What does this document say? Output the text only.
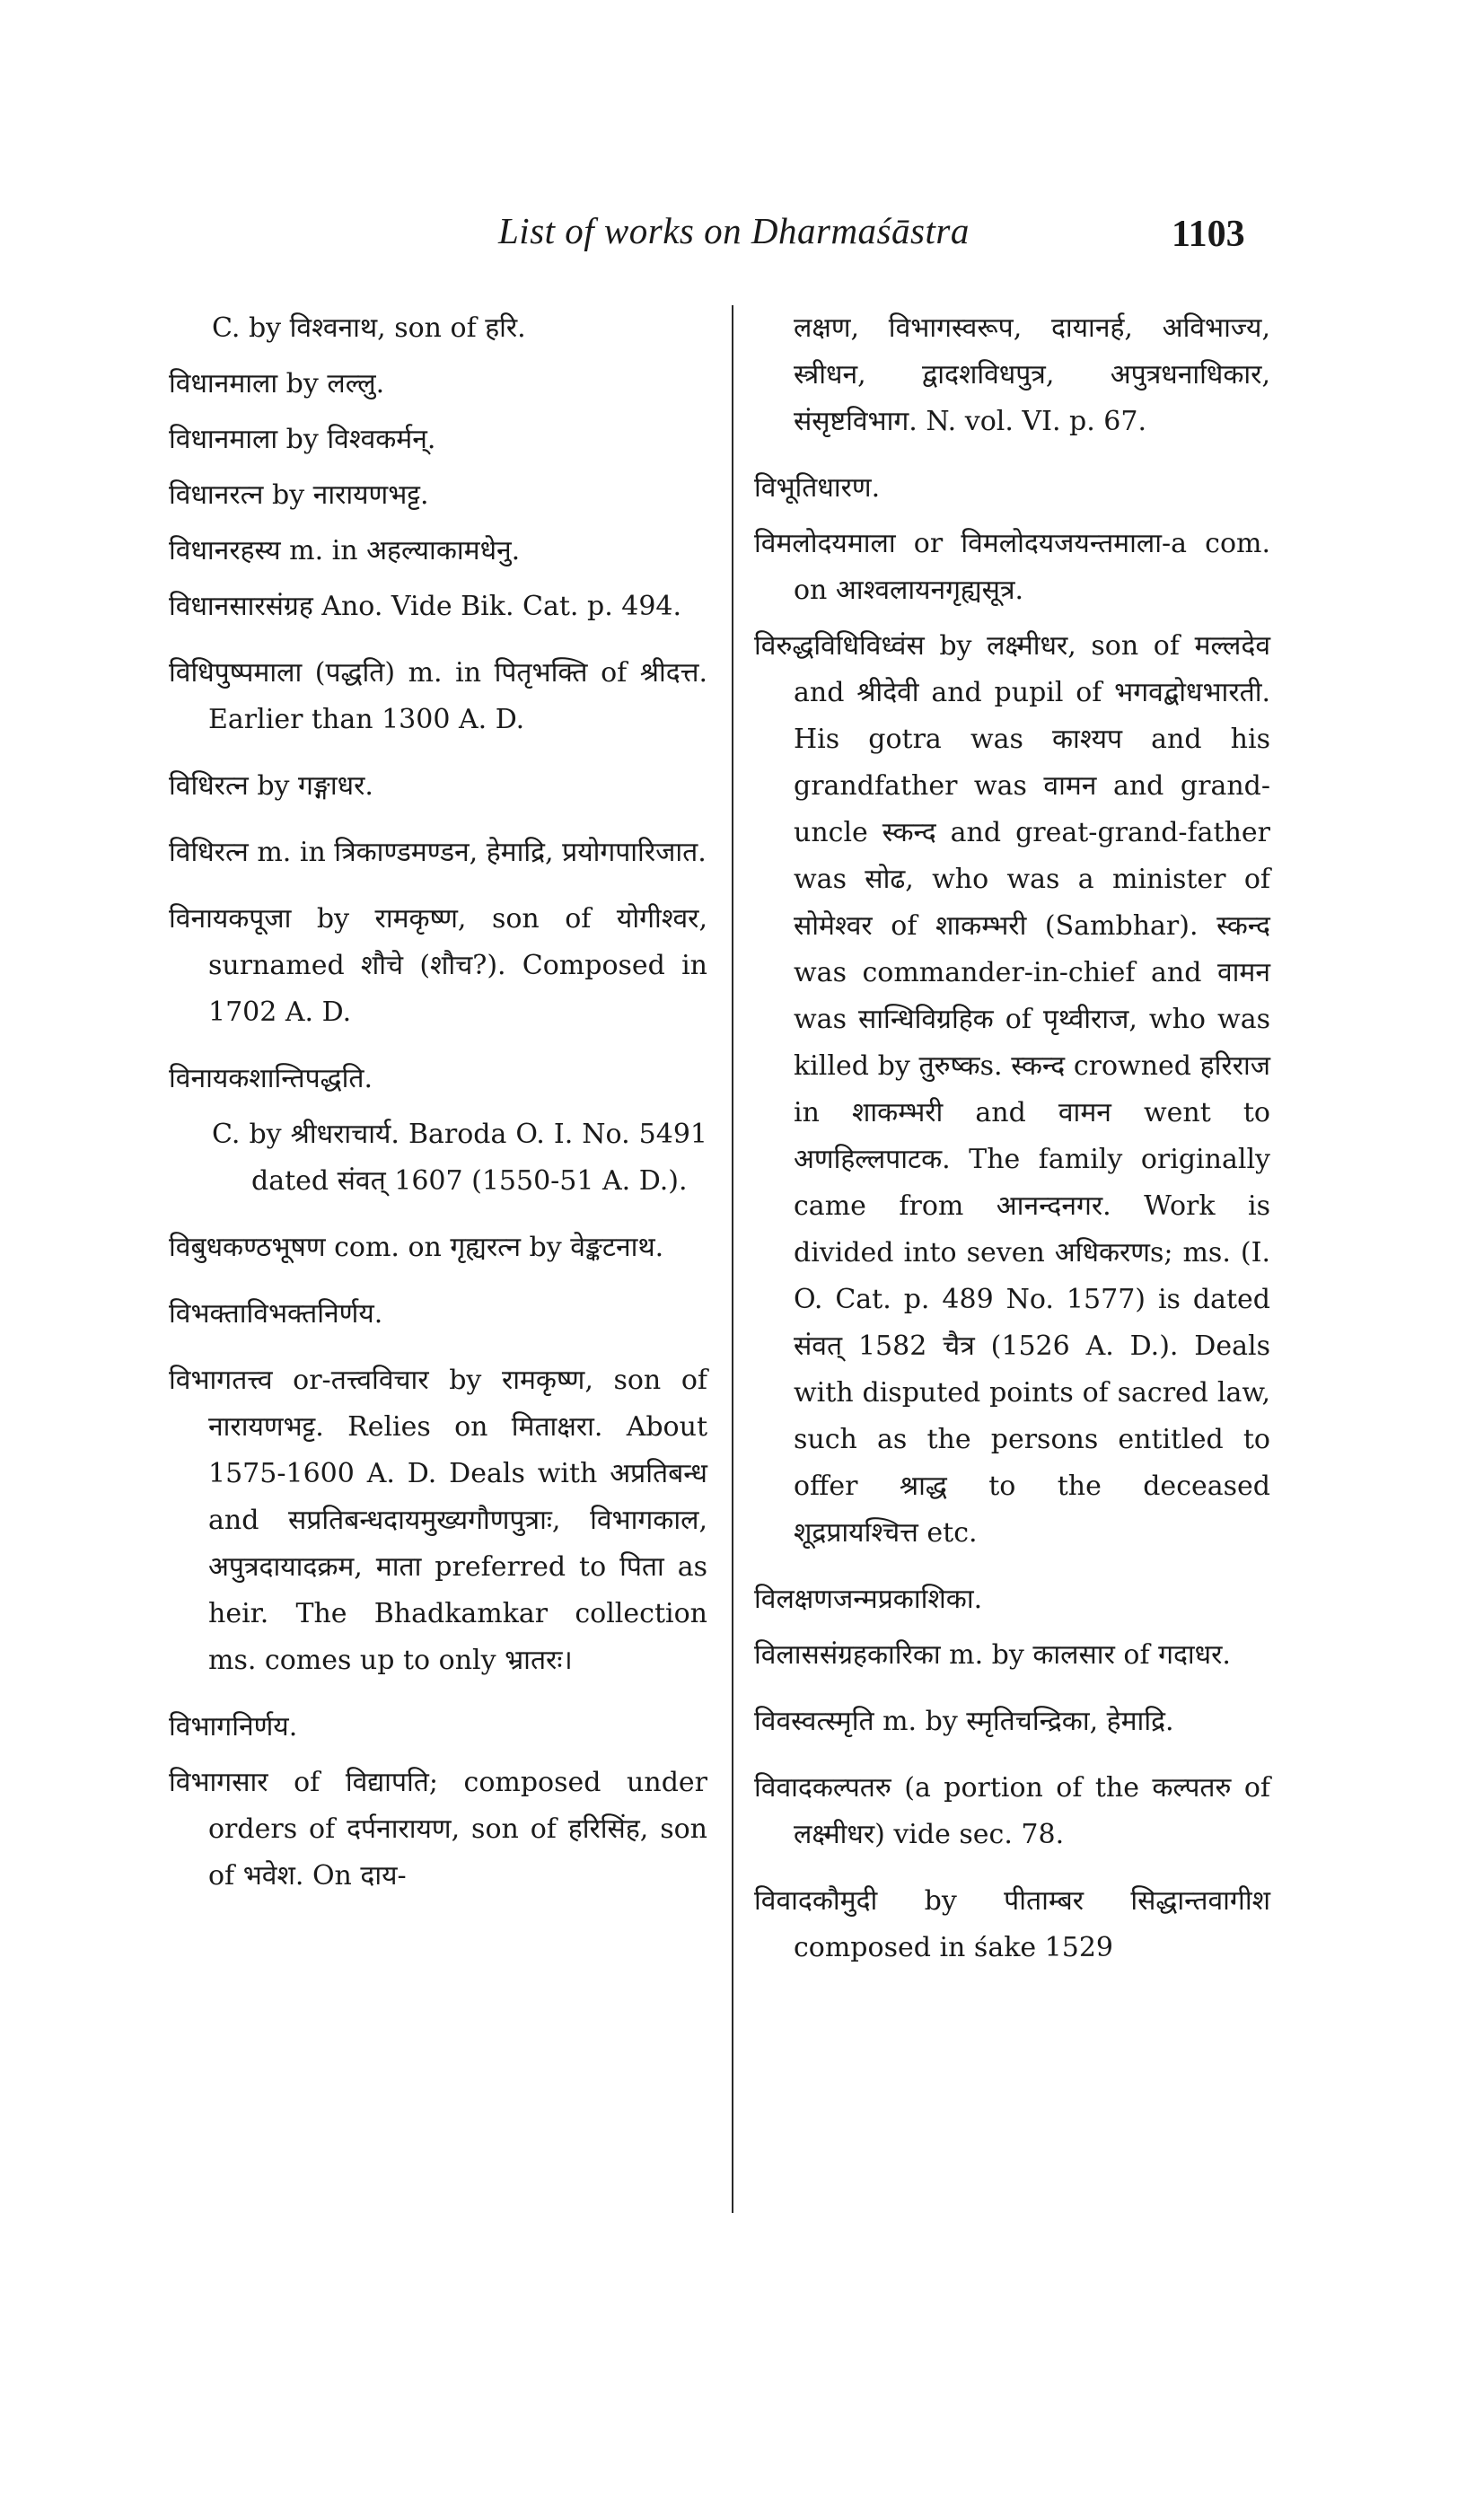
List of works on Dharmaśāstra	1103

C. by विश्वनाथ, son of हरि.

विधानमाला by लल्लु.

विधानमाला by विश्वकर्मन्.

विधानरत्न by नारायणभट्ट.

विधानरहस्य m. in अहल्याकामधेनु.

विधानसारसंग्रह Ano. Vide Bik. Cat. p. 494.

विधिपुष्पमाला (पद्धति) m. in पितृभक्ति of श्रीदत्त. Earlier than 1300 A. D.

विधिरत्न by गङ्गाधर.

विधिरत्न m. in त्रिकाण्डमण्डन, हेमाद्रि, प्रयोगपारिजात.

विनायकपूजा by रामकृष्ण, son of योगीश्वर, surnamed शौचे (शौच?). Composed in 1702 A. D.

विनायकशान्तिपद्धति.

C. by श्रीधराचार्य. Baroda O. I. No. 5491 dated संवत् 1607 (1550-51 A. D.).

विबुधकण्ठभूषण com. on गृह्यरत्न by वेङ्कटनाथ.

विभक्ताविभक्तनिर्णय.

विभागतत्त्व or-तत्त्वविचार by रामकृष्ण, son of नारायणभट्ट. Relies on मिताक्षरा. About 1575-1600 A. D. Deals with अप्रतिबन्ध and सप्रतिबन्धदायमुख्यगौणपुत्राः, विभागकाल, अपुत्रदायादक्रम, माता preferred to पिता as heir. The Bhadkamkar collection ms. comes up to only भ्रातरः।

विभागनिर्णय.

विभागसार of विद्यापति; composed under orders of दर्पनारायण, son of हरिसिंह, son of भवेश. On दाय-

लक्षण, विभागस्वरूप, दायानर्ह, अविभाज्य, स्त्रीधन, द्वादशविधपुत्र, अपुत्रधनाधिकार, संसृष्टविभाग. N. vol. VI. p. 67.

विभूतिधारण.

विमलोदयमाला or विमलोदयजयन्तमाला-a com. on आश्वलायनगृह्यसूत्र.

विरुद्धविधिविध्वंस by लक्ष्मीधर, son of मल्लदेव and श्रीदेवी and pupil of भगवद्बोधभारती. His gotra was काश्यप and his grandfather was वामन and grand-uncle स्कन्द and great-grand-father was सोढ, who was a minister of सोमेश्वर of शाकम्भरी (Sambhar). स्कन्द was commander-in-chief and वामन was सान्धिविग्रहिक of पृथ्वीराज, who was killed by तुरुष्कs. स्कन्द crowned हरिराज in शाकम्भरी and वामन went to अणहिल्लपाटक. The family originally came from आनन्दनगर. Work is divided into seven अधिकरणs; ms. (I. O. Cat. p. 489 No. 1577) is dated संवत् 1582 चैत्र (1526 A. D.). Deals with disputed points of sacred law, such as the persons entitled to offer श्राद्ध to the deceased शूद्रप्रायश्चित्त etc.

विलक्षणजन्मप्रकाशिका.

विलाससंग्रहकारिका m. by कालसार of गदाधर.

विवस्वत्स्मृति m. by स्मृतिचन्द्रिका, हेमाद्रि.

विवादकल्पतरु (a portion of the कल्पतरु of लक्ष्मीधर) vide sec. 78.

विवादकौमुदी by पीताम्बर सिद्धान्तवागीश composed in śake 1529
